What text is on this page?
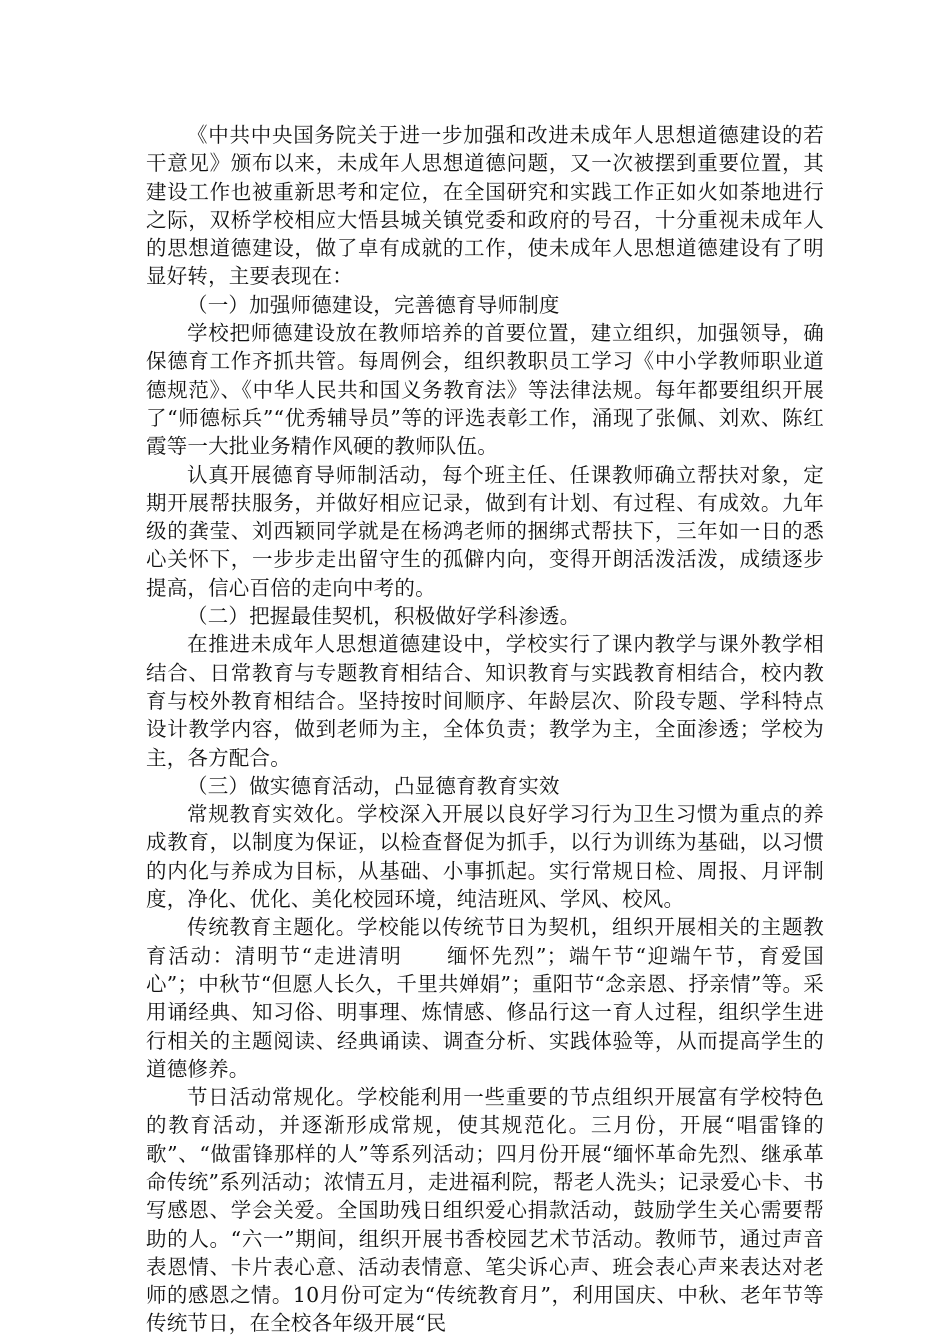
《中共中央国务院关于进一步加强和改进未成年人思想道德建设的若干意见》颁布以来，未成年人思想道德问题，又一次被摆到重要位置，其建设工作也被重新思考和定位，在全国研究和实践工作正如火如荼地进行之际，双桥学校相应大悟县城关镇党委和政府的号召，十分重视未成年人的思想道德建设，做了卓有成就的工作，使未成年人思想道德建设有了明显好转，主要表现在：

（一）加强师德建设，完善德育导师制度

学校把师德建设放在教师培养的首要位置，建立组织，加强领导，确保德育工作齐抓共管。每周例会，组织教职员工学习《中小学教师职业道德规范》、《中华人民共和国义务教育法》等法律法规。每年都要组织开展了“师德标兵”“优秀辅导员”等的评选表彰工作，涌现了张佩、刘欢、陈红霞等一大批业务精作风硬的教师队伍。

认真开展德育导师制活动，每个班主任、任课教师确立帮扶对象，定期开展帮扶服务，并做好相应记录，做到有计划、有过程、有成效。九年级的龚莹、刘西颖同学就是在杨鸿老师的捆绑式帮扶下，三年如一日的悉心关怀下，一步步走出留守生的孤僻内向，变得开朗活泼活泼，成绩逐步提高，信心百倍的走向中考的。

（二）把握最佳契机，积极做好学科渗透。

在推进未成年人思想道德建设中，学校实行了课内教学与课外教学相结合、日常教育与专题教育相结合、知识教育与实践教育相结合，校内教育与校外教育相结合。坚持按时间顺序、年龄层次、阶段专题、学科特点设计教学内容，做到老师为主，全体负责；教学为主，全面渗透；学校为主，各方配合。

（三）做实德育活动，凸显德育教育实效

常规教育实效化。学校深入开展以良好学习行为卫生习惯为重点的养成教育，以制度为保证，以检查督促为抓手，以行为训练为基础，以习惯的内化与养成为目标，从基础、小事抓起。实行常规日检、周报、月评制度，净化、优化、美化校园环境，纯洁班风、学风、校风。

传统教育主题化。学校能以传统节日为契机，组织开展相关的主题教育活动：清明节“走进清明　　缅怀先烈”；端午节“迎端午节，育爱国心”；中秋节“但愿人长久，千里共婵娟”；重阳节“念亲恩、抒亲情”等。采用诵经典、知习俗、明事理、炼情感、修品行这一育人过程，组织学生进行相关的主题阅读、经典诵读、调查分析、实践体验等，从而提高学生的道德修养。

节日活动常规化。学校能利用一些重要的节点组织开展富有学校特色的教育活动，并逐渐形成常规，使其规范化。三月份，开展“唱雷锋的歌”、“做雷锋那样的人”等系列活动；四月份开展“缅怀革命先烈、继承革命传统”系列活动；浓情五月，走进福利院，帮老人洗头；记录爱心卡、书写感恩、学会关爱。全国助残日组织爱心捐款活动，鼓励学生关心需要帮助的人。“六一”期间，组织开展书香校园艺术节活动。教师节，通过声音表恩情、卡片表心意、活动表情意、笔尖诉心声、班会表心声来表达对老师的感恩之情。10月份可定为“传统教育月”，利用国庆、中秋、老年节等传统节日，在全校各年级开展“民
